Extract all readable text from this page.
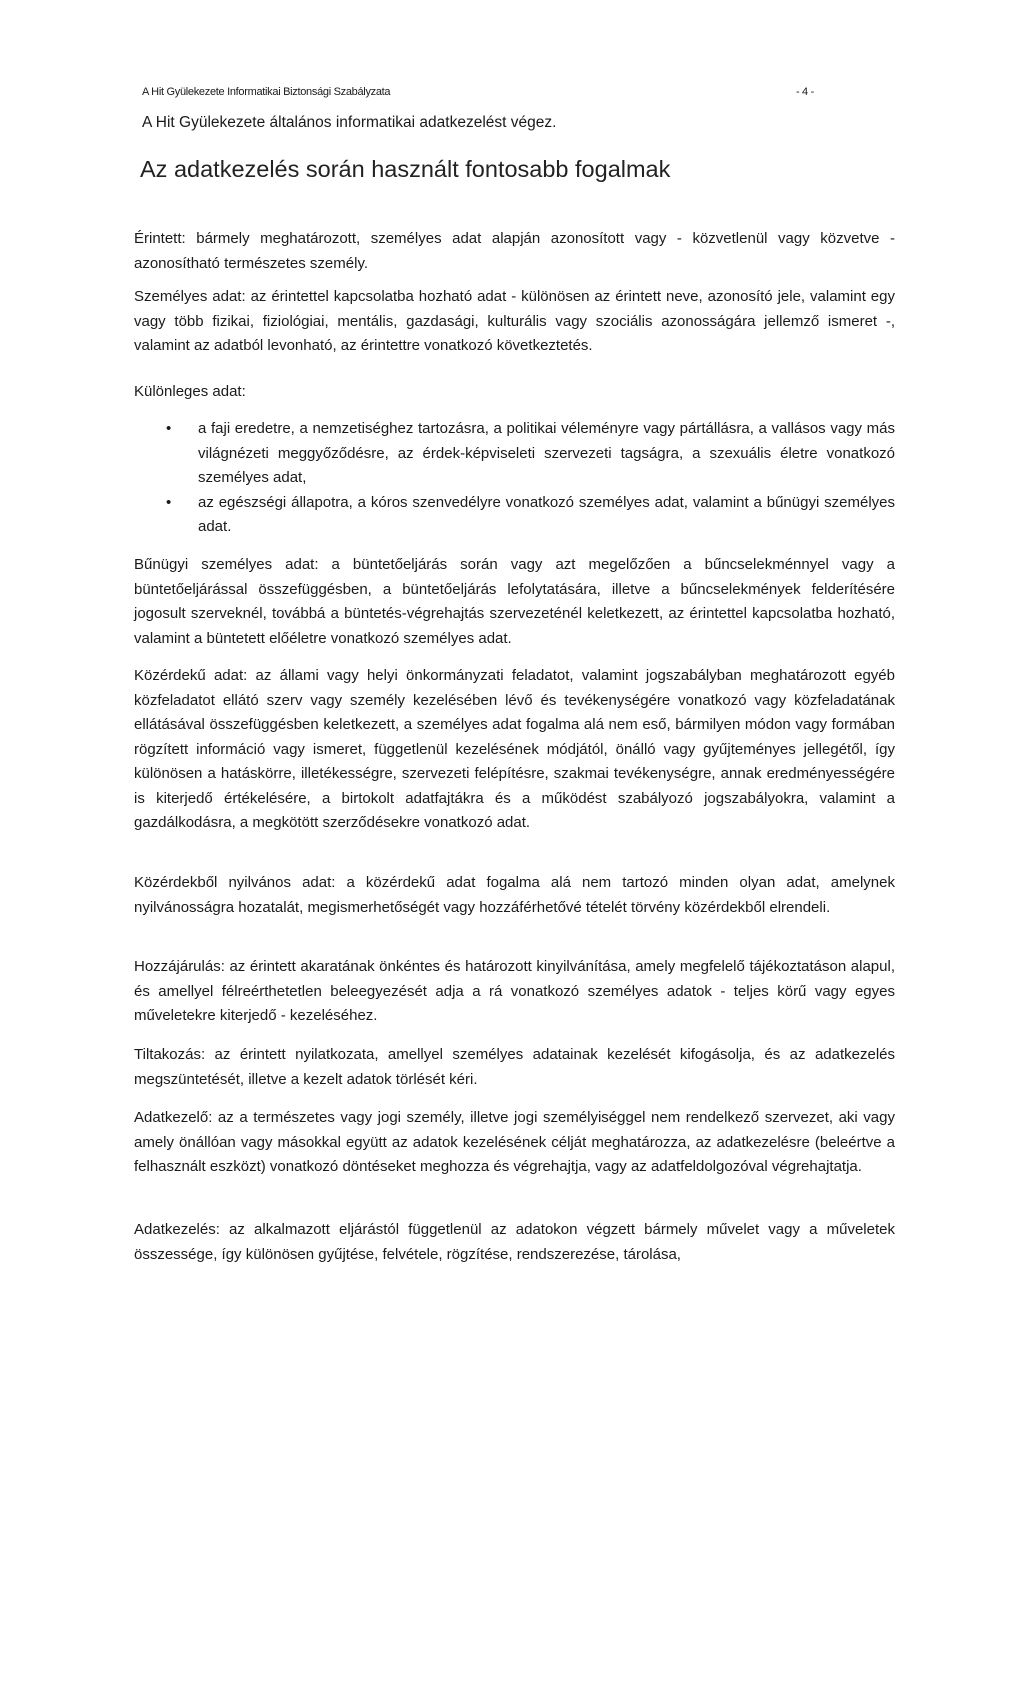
A Hit Gyülekezete Informatikai Biztonsági Szabályzata	- 4 -
A Hit Gyülekezete általános informatikai adatkezelést végez.
Az adatkezelés során használt fontosabb fogalmak

Érintett: bármely meghatározott, személyes adat alapján azonosított vagy - közvetlenül vagy közvetve - azonosítható természetes személy.

Személyes adat: az érintettel kapcsolatba hozható adat - különösen az érintett neve, azonosító jele, valamint egy vagy több fizikai, fiziológiai, mentális, gazdasági, kulturális vagy szociális azonosságára jellemző ismeret -, valamint az adatból levonható, az érintettre vonatkozó következtetés.

Különleges adat:

• a faji eredetre, a nemzetiséghez tartozásra, a politikai véleményre vagy pártállásra, a vallásos vagy más világnézeti meggyőződésre, az érdek-képviseleti szervezeti tagságra, a szexuális életre vonatkozó személyes adat,
• az egészségi állapotra, a kóros szenvedélyre vonatkozó személyes adat, valamint a bűnügyi személyes adat.

Bűnügyi személyes adat: a büntetőeljárás során vagy azt megelőzően a bűncselekménnyel vagy a büntetőeljárással összefüggésben, a büntetőeljárás lefolytatására, illetve a bűncselekmények felderítésére jogosult szerveknél, továbbá a büntetés-végrehajtás szervezeténél keletkezett, az érintettel kapcsolatba hozható, valamint a büntetett előéletre vonatkozó személyes adat.

Közérdekű adat: az állami vagy helyi önkormányzati feladatot, valamint jogszabályban meghatározott egyéb közfeladatot ellátó szerv vagy személy kezelésében lévő és tevékenységére vonatkozó vagy közfeladatának ellátásával összefüggésben keletkezett, a személyes adat fogalma alá nem eső, bármilyen módon vagy formában rögzített információ vagy ismeret, függetlenül kezelésének módjától, önálló vagy gyűjteményes jellegétől, így különösen a hatáskörre, illetékességre, szervezeti felépítésre, szakmai tevékenységre, annak eredményességére is kiterjedő értékelésére, a birtokolt adatfajtákra és a működést szabályozó jogszabályokra, valamint a gazdálkodásra, a megkötött szerződésekre vonatkozó adat.

Közérdekből nyilvános adat: a közérdekű adat fogalma alá nem tartozó minden olyan adat, amelynek nyilvánosságra hozatalát, megismerhetőségét vagy hozzáférhetővé tételét törvény közérdekből elrendeli.

Hozzájárulás: az érintett akaratának önkéntes és határozott kinyilvánítása, amely megfelelő tájékoztatáson alapul, és amellyel félreérthetetlen beleegyezését adja a rá vonatkozó személyes adatok - teljes körű vagy egyes műveletekre kiterjedő - kezeléséhez.

Tiltakozás: az érintett nyilatkozata, amellyel személyes adatainak kezelését kifogásolja, és az adatkezelés megszüntetését, illetve a kezelt adatok törlését kéri.

Adatkezelő: az a természetes vagy jogi személy, illetve jogi személyiséggel nem rendelkező szervezet, aki vagy amely önállóan vagy másokkal együtt az adatok kezelésének célját meghatározza, az adatkezelésre (beleértve a felhasznált eszközt) vonatkozó döntéseket meghozza és végrehajtja, vagy az adatfeldolgozóval végrehajtatja.

Adatkezelés: az alkalmazott eljárástól függetlenül az adatokon végzett bármely művelet vagy a műveletek összessége, így különösen gyűjtése, felvétele, rögzítése, rendszerezése, tárolása,
